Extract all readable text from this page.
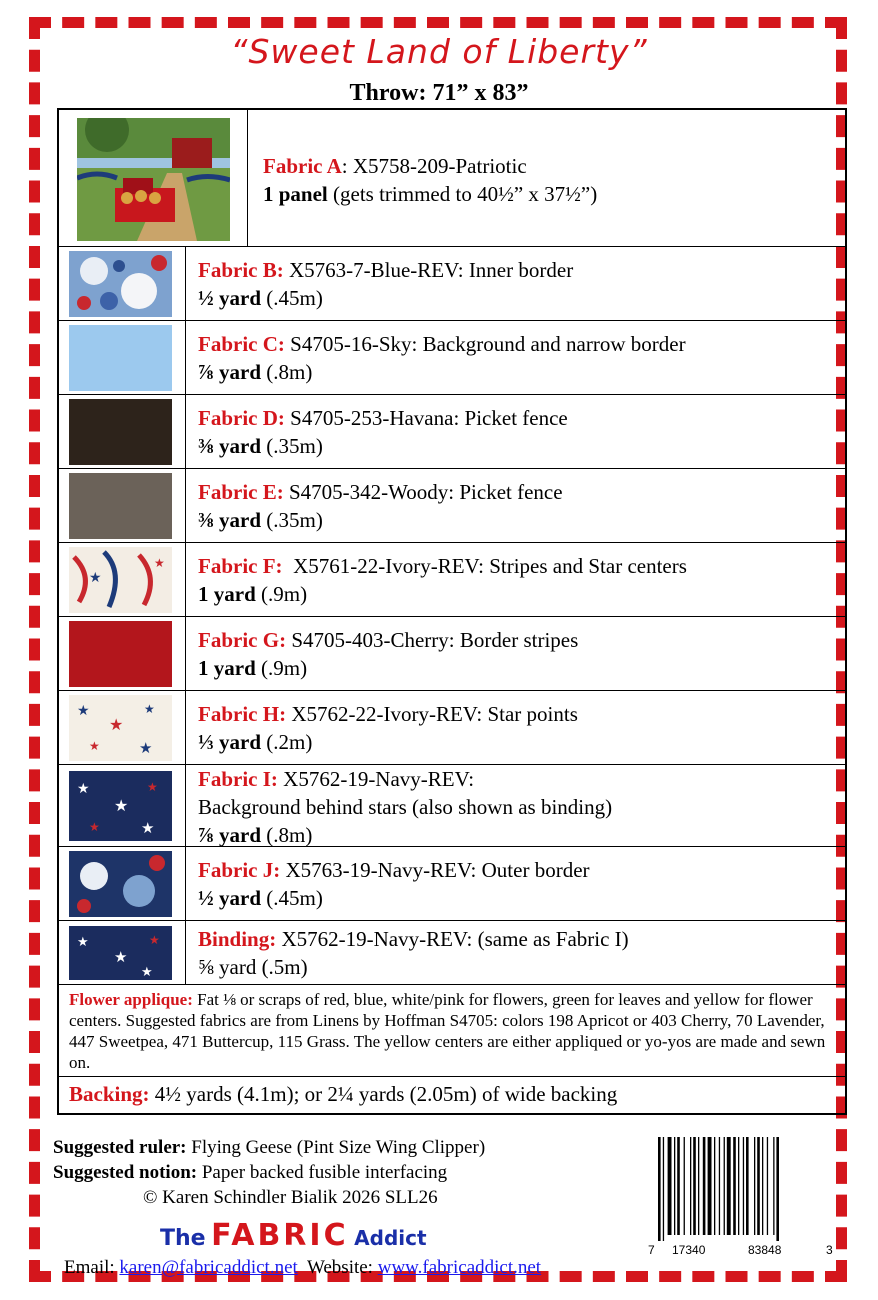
“Sweet Land of Liberty”
Throw: 71” x 83”
Fabric A: X5758-209-Patriotic
1 panel (gets trimmed to 40½” x 37½”)
Fabric B: X5763-7-Blue-REV: Inner border
½ yard (.45m)
Fabric C: S4705-16-Sky: Background and narrow border
⅞ yard (.8m)
Fabric D: S4705-253-Havana: Picket fence
⅜ yard (.35m)
Fabric E: S4705-342-Woody: Picket fence
⅜ yard (.35m)
★
★ Fabric F:  X5761-22-Ivory-REV: Stripes and Star centers
1 yard (.9m)
Fabric G: S4705-403-Cherry: Border stripes
1 yard (.9m)
★
★
★
★	★
Fabric H: X5762-22-Ivory-REV: Star points
⅓ yard (.2m)
★
★
★
★	★
Fabric I: X5762-19-Navy-REV:
Background behind stars (also shown as binding)
⅞ yard (.8m)
Fabric J: X5763-19-Navy-REV: Outer border
½ yard (.45m)
★
★
★
★
Binding: X5762-19-Navy-REV: (same as Fabric I)
⅝ yard (.5m)
Flower applique: Fat ⅛ or scraps of red, blue, white/pink for flowers, green for leaves and yellow for flower centers. Suggested fabrics are from Linens by Hoffman S4705: colors 198 Apricot or 403 Cherry, 70 Lavender, 447 Sweetpea, 471 Buttercup, 115 Grass. The yellow centers are either appliqued or yo-yos are made and sewn on.
Backing: 4½ yards (4.1m); or 2¼ yards (2.05m) of wide backing
Suggested ruler: Flying Geese (Pint Size Wing Clipper)
Suggested notion: Paper backed fusible interfacing
© Karen Schindler Bialik 2026 SLL26
The FABRIC Addict
Email: karen@fabricaddict.net  Website: www.fabricaddict.net
7 17340	83848	3
